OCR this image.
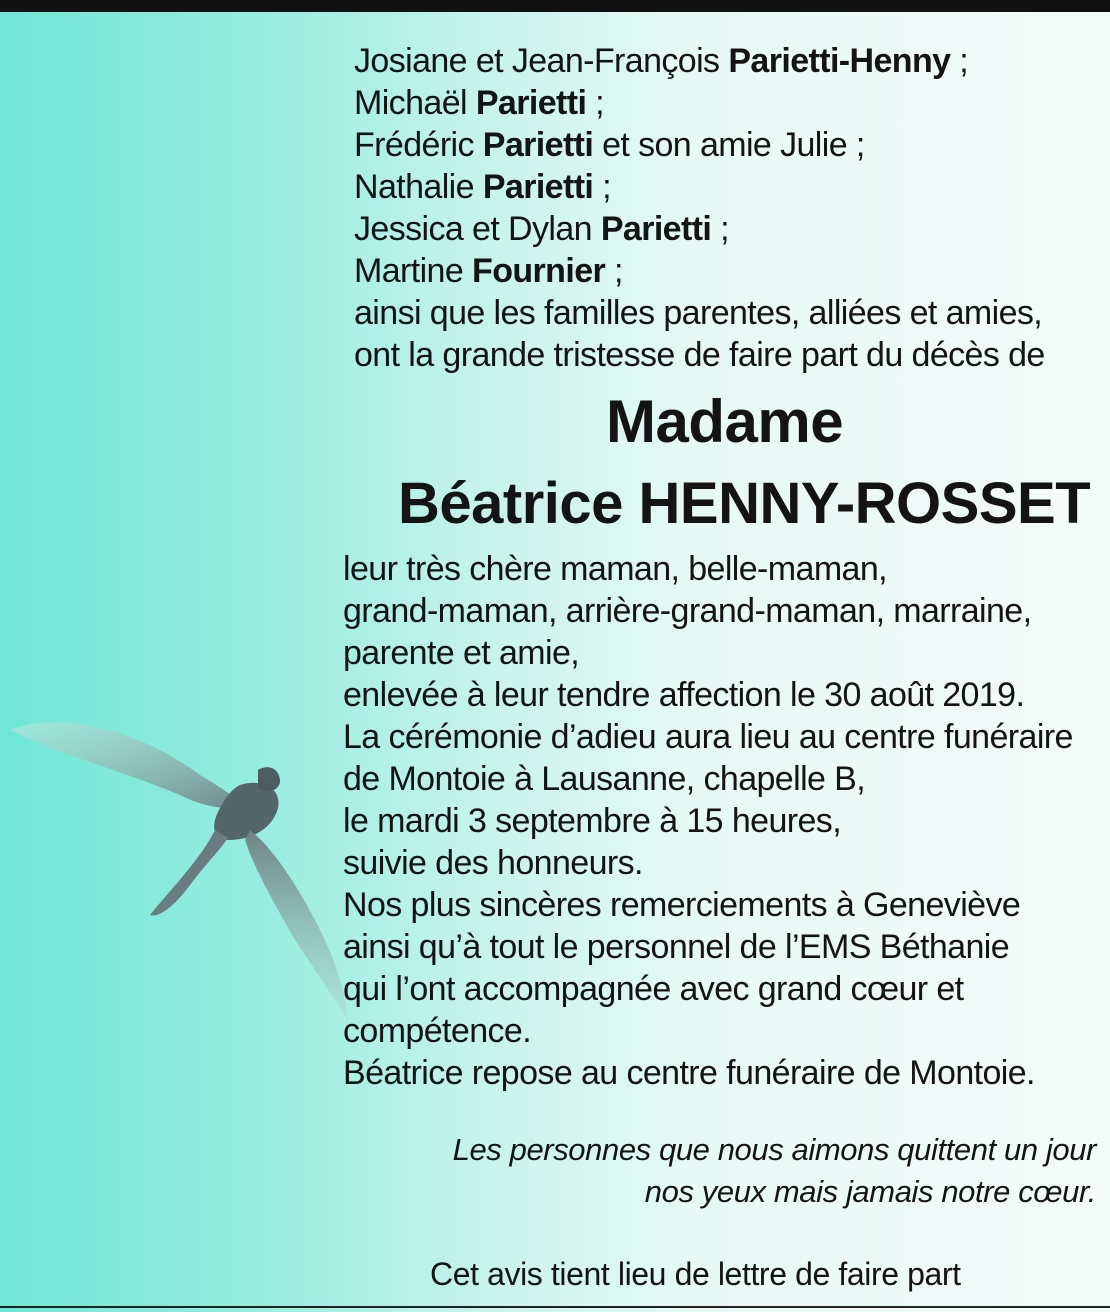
Josiane et Jean-François Parietti-Henny ;
Michaël Parietti ;
Frédéric Parietti et son amie Julie ;
Nathalie Parietti ;
Jessica et Dylan Parietti ;
Martine Fournier ;
ainsi que les familles parentes, alliées et amies,
ont la grande tristesse de faire part du décès de
Madame
Béatrice HENNY-ROSSET
leur très chère maman, belle-maman,
grand-maman, arrière-grand-maman, marraine,
parente et amie,
enlevée à leur tendre affection le 30 août 2019.
La cérémonie d’adieu aura lieu au centre funéraire
de Montoie à Lausanne, chapelle B,
le mardi 3 septembre à 15 heures,
suivie des honneurs.
Nos plus sincères remerciements à Geneviève
ainsi qu’à tout le personnel de l’EMS Béthanie
qui l’ont accompagnée avec grand cœur et
compétence.
Béatrice repose au centre funéraire de Montoie.
Les personnes que nous aimons quittent un jour
nos yeux mais jamais notre cœur.
Cet avis tient lieu de lettre de faire part
